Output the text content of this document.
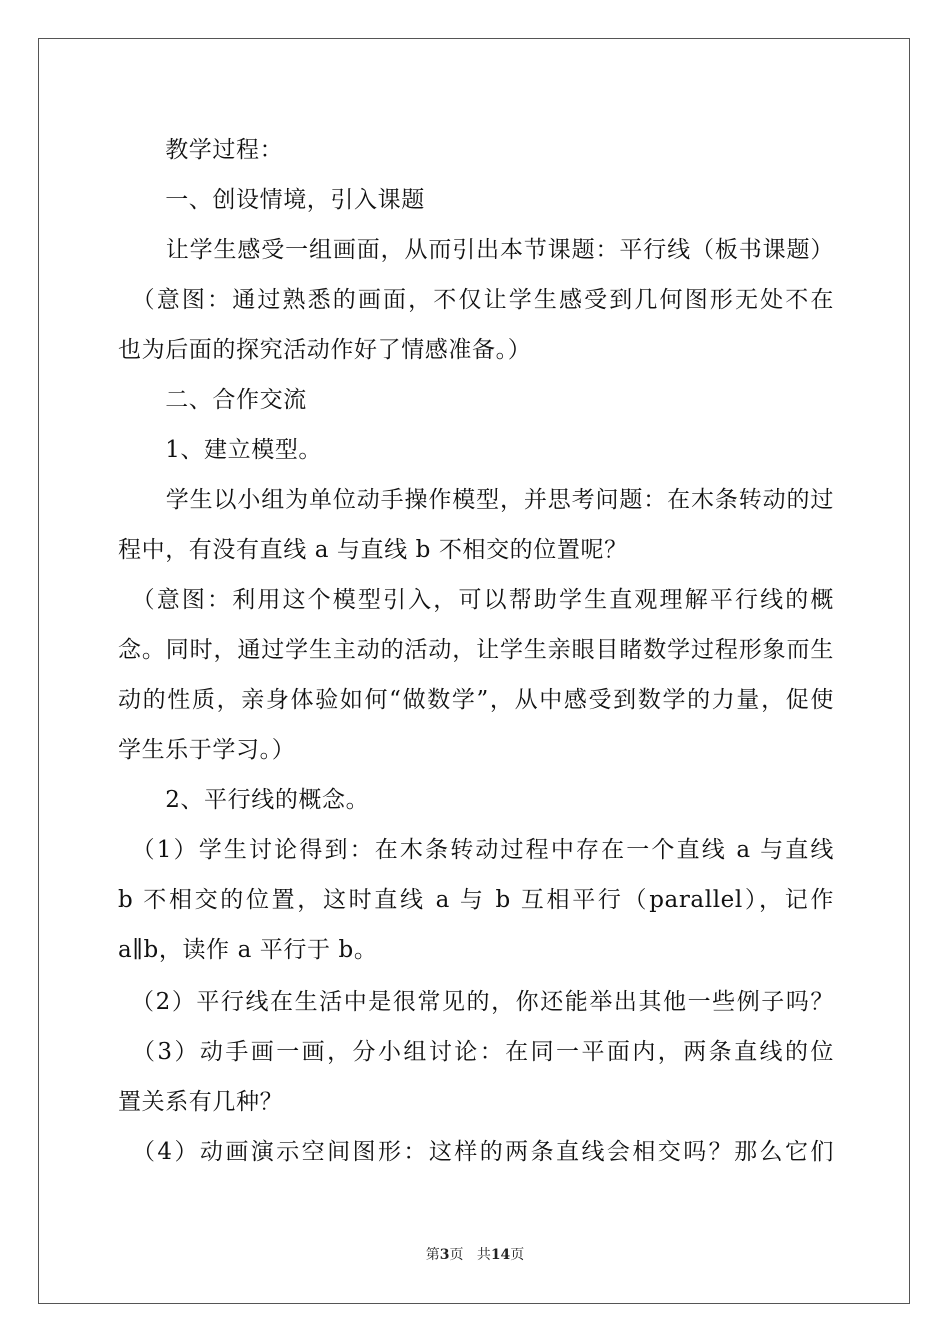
　　教学过程：
　　一、创设情境，引入课题
　　让学生感受一组画面，从而引出本节课题：平行线（板书课题）
　（意图：通过熟悉的画面，不仅让学生感受到几何图形无处不在
也为后面的探究活动作好了情感准备。）
　　二、合作交流
　　1、建立模型。
　　学生以小组为单位动手操作模型，并思考问题：在木条转动的过
程中，有没有直线 a 与直线 b 不相交的位置呢？
　（意图：利用这个模型引入，可以帮助学生直观理解平行线的概
念。同时，通过学生主动的活动，让学生亲眼目睹数学过程形象而生
动的性质，亲身体验如何“做数学”，从中感受到数学的力量，促使
学生乐于学习。）
　　2、平行线的概念。
　（1）学生讨论得到：在木条转动过程中存在一个直线 a 与直线
b 不相交的位置，这时直线 a 与 b 互相平行（parallel），记作
a∥b，读作 a 平行于 b。
　（2）平行线在生活中是很常见的，你还能举出其他一些例子吗？
　（3）动手画一画，分小组讨论：在同一平面内，两条直线的位
置关系有几种？
　（4）动画演示空间图形：这样的两条直线会相交吗？那么它们
第3页 共14页
